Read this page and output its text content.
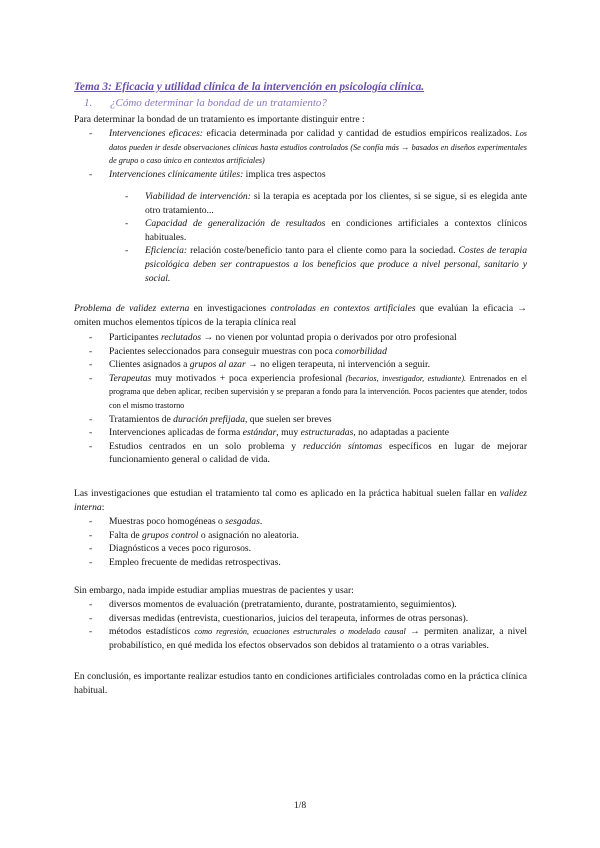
Tema 3: Eficacia y utilidad clínica de la intervención en psicología clínica.
1. ¿Cómo determinar la bondad de un tratamiento?
Para determinar la bondad de un tratamiento es importante distinguir entre :
- Intervenciones eficaces: eficacia determinada por calidad y cantidad de estudios empíricos realizados. Los datos pueden ir desde observaciones clínicas hasta estudios controlados (Se confía más → basados en diseños experimentales de grupo o caso único en contextos artificiales)
- Intervenciones clínicamente útiles: implica tres aspectos
- Viabilidad de intervención: si la terapia es aceptada por los clientes, si se sigue, si es elegida ante otro tratamiento...
- Capacidad de generalización de resultados en condiciones artificiales a contextos clínicos habituales.
- Eficiencia: relación coste/beneficio tanto para el cliente como para la sociedad. Costes de terapia psicológica deben ser contrapuestos a los beneficios que produce a nivel personal, sanitario y social.
Problema de validez externa en investigaciones controladas en contextos artificiales que evalúan la eficacia → omiten muchos elementos típicos de la terapia clínica real
- Participantes reclutados → no vienen por voluntad propia o derivados por otro profesional
- Pacientes seleccionados para conseguir muestras con poca comorbilidad
- Clientes asignados a grupos al azar → no eligen terapeuta, ni intervención a seguir.
- Terapeutas muy motivados + poca experiencia profesional (becarios, investigador, estudiante). Entrenados en el programa que deben aplicar, reciben supervisión y se preparan a fondo para la intervención. Pocos pacientes que atender, todos con el mismo trastorno
- Tratamientos de duración prefijada, que suelen ser breves
- Intervenciones aplicadas de forma estándar, muy estructuradas, no adaptadas a paciente
- Estudios centrados en un solo problema y reducción síntomas específicos en lugar de mejorar funcionamiento general o calidad de vida.
Las investigaciones que estudian el tratamiento tal como es aplicado en la práctica habitual suelen fallar en validez interna:
- Muestras poco homogéneas o sesgadas.
- Falta de grupos control o asignación no aleatoria.
- Diagnósticos a veces poco rigurosos.
- Empleo frecuente de medidas retrospectivas.
Sin embargo, nada impide estudiar amplias muestras de pacientes y usar:
- diversos momentos de evaluación (pretratamiento, durante, postratamiento, seguimientos).
- diversas medidas (entrevista, cuestionarios, juicios del terapeuta, informes de otras personas).
- métodos estadísticos como regresión, ecuaciones estructurales o modelado causal → permiten analizar, a nivel probabilístico, en qué medida los efectos observados son debidos al tratamiento o a otras variables.
En conclusión, es importante realizar estudios tanto en condiciones artificiales controladas como en la práctica clínica habitual.
1/8
